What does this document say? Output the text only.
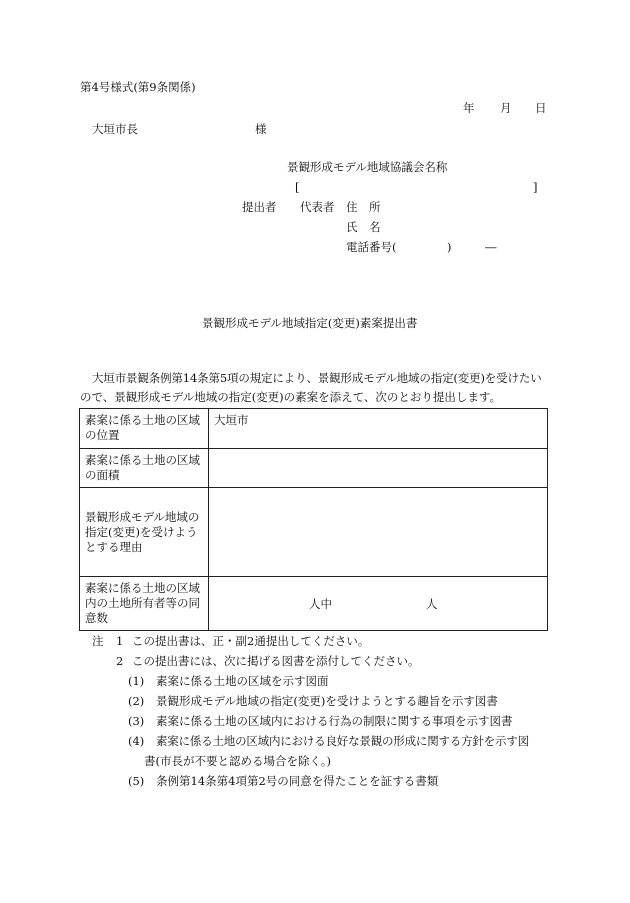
第4号様式(第9条関係)
年 月 日
大垣市長	様
景観形成モデル地域協議会名称
[	]
提出者 代表者 住　所
氏　名
電話番号(	)	―
景観形成モデル地域指定(変更)素案提出書
大垣市景観条例第14条第5項の規定により、景観形成モデル地域の指定(変更)を受けたい
ので、景観形成モデル地域の指定(変更)の素案を添えて、次のとおり提出します。
素案に係る土地の区域の位置	大垣市
素案に係る土地の区域の面積	
景観形成モデル地域の指定(変更)を受けようとする理由	
素案に係る土地の区域内の土地所有者等の同意数	人中 人
注 1 この提出書は、正・副2通提出してください。
2 この提出書には、次に掲げる図書を添付してください。
(1) 素案に係る土地の区域を示す図面
(2) 景観形成モデル地域の指定(変更)を受けようとする趣旨を示す図書
(3) 素案に係る土地の区域内における行為の制限に関する事項を示す図書
(4) 素案に係る土地の区域内における良好な景観の形成に関する方針を示す図
書(市長が不要と認める場合を除く。)
(5) 条例第14条第4項第2号の同意を得たことを証する書類
